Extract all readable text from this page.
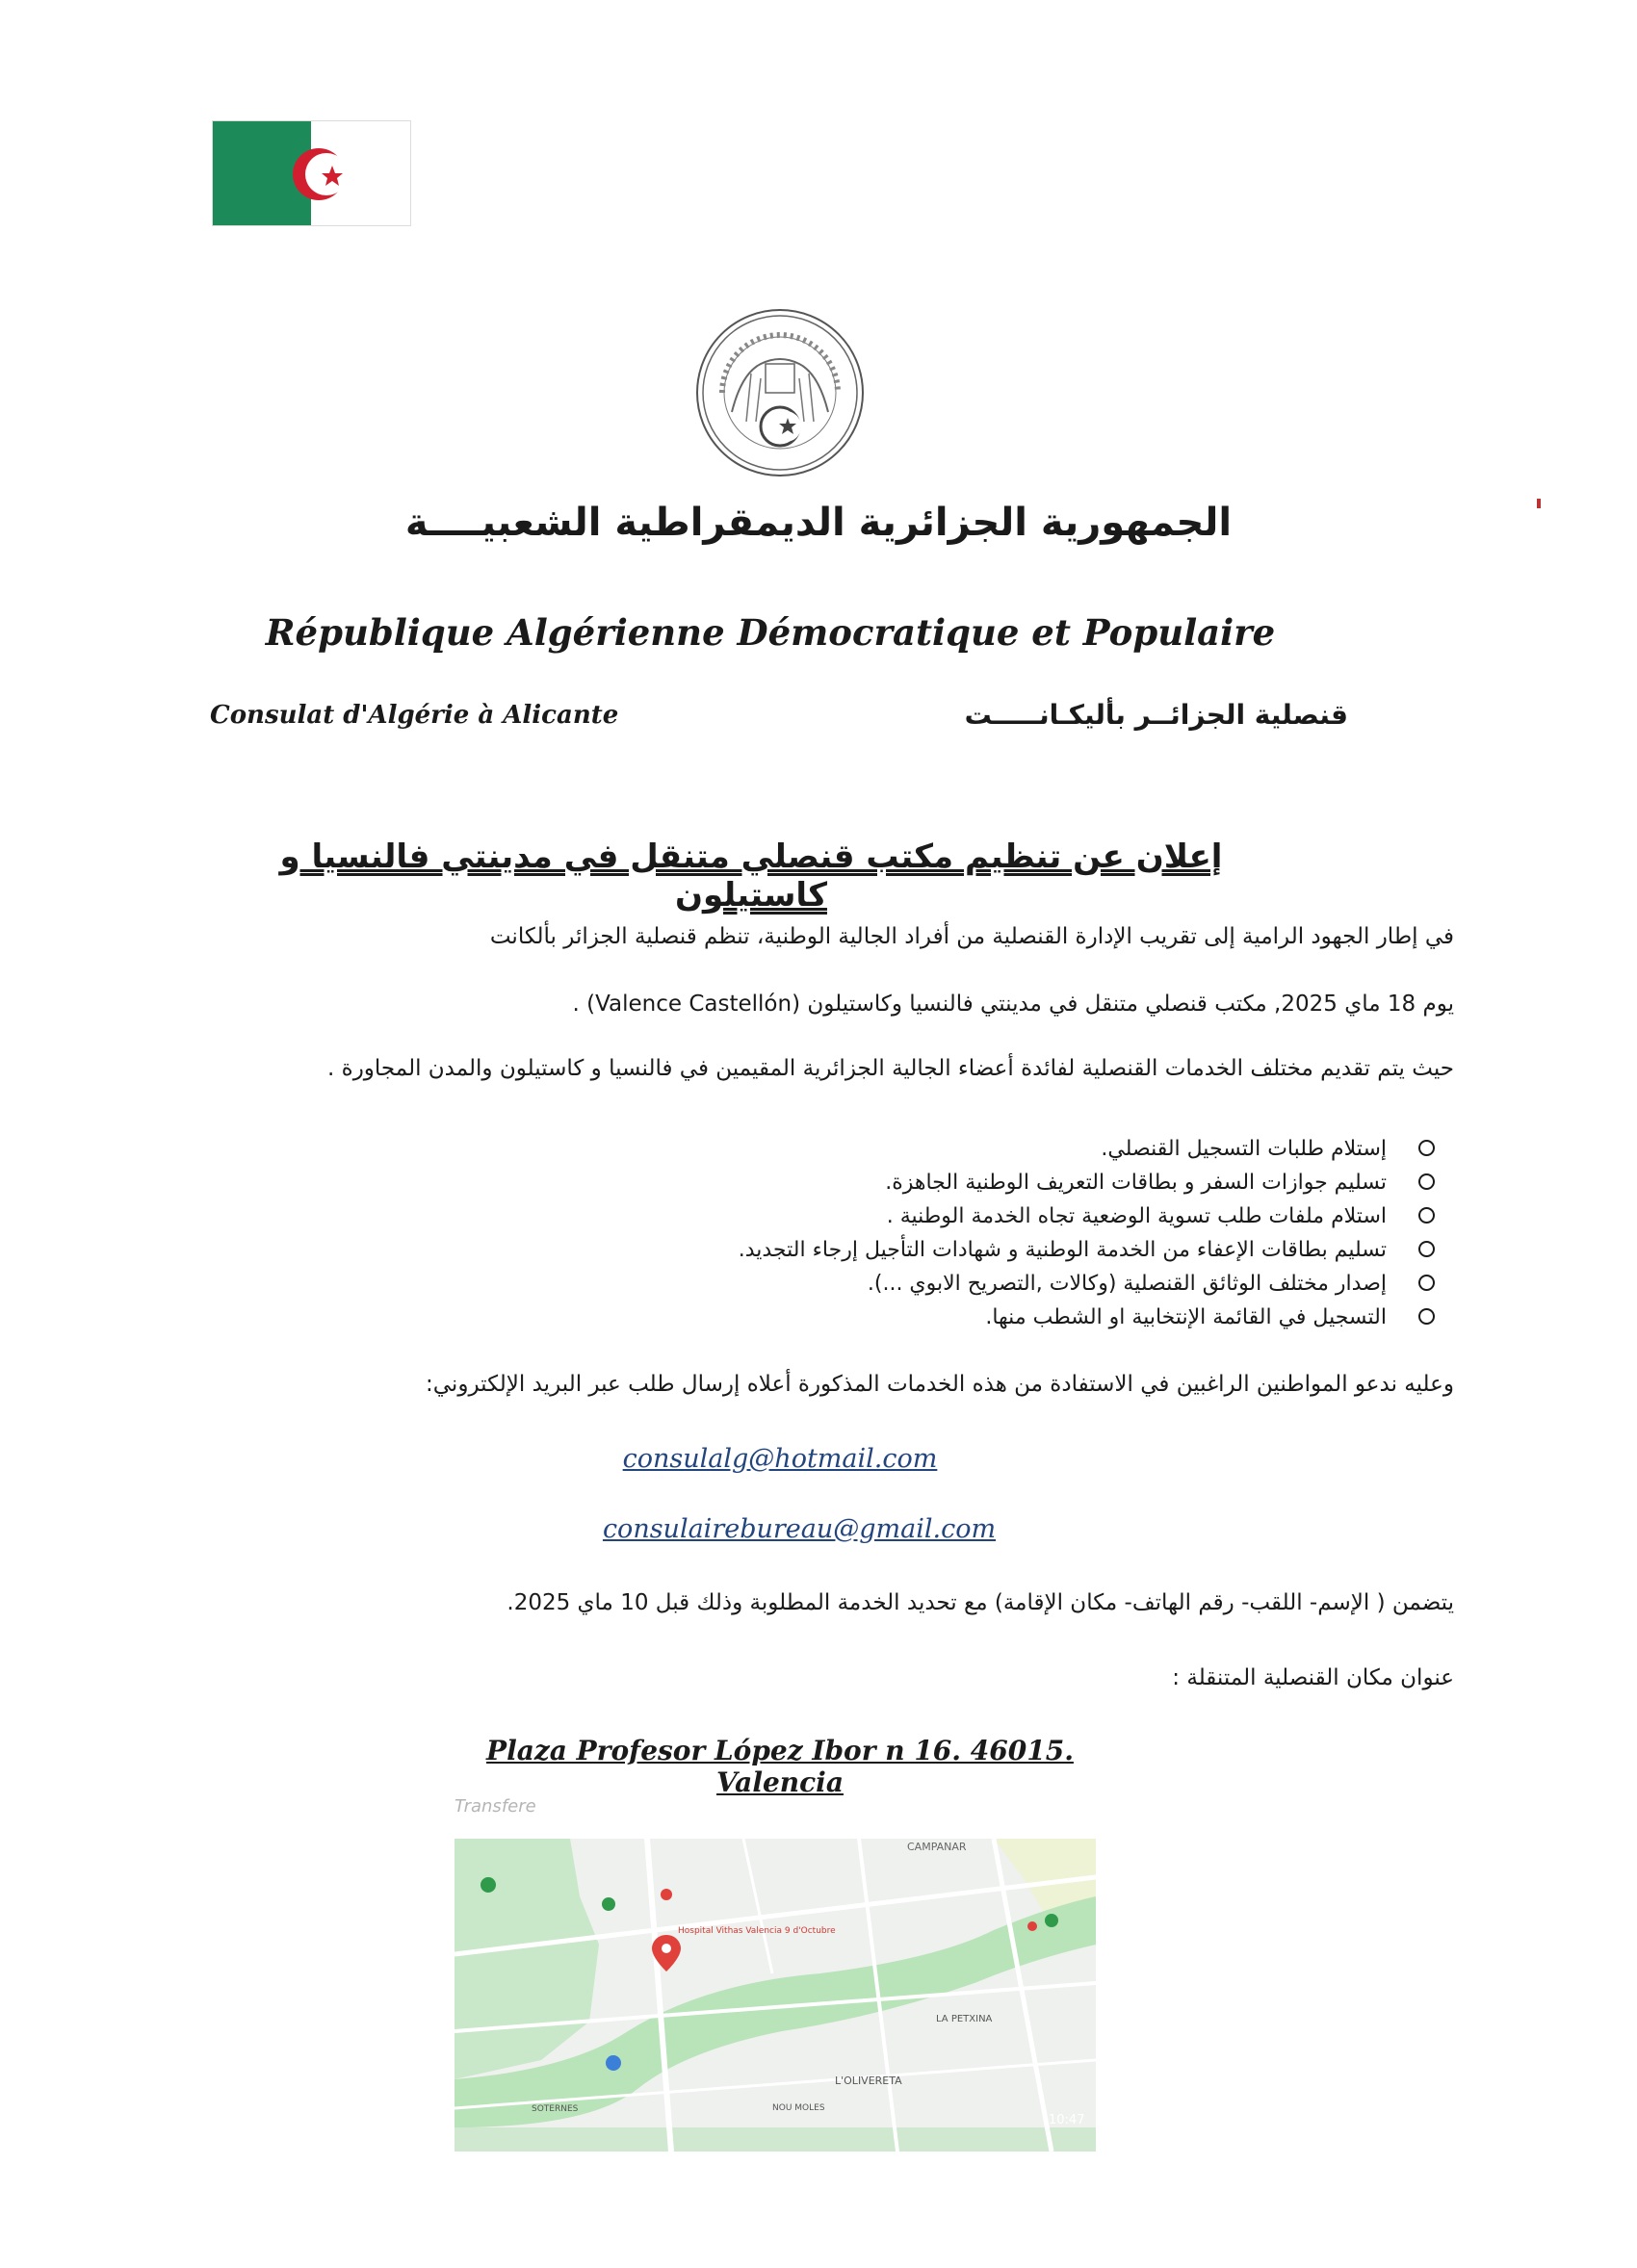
الجمهورية الجزائرية الديمقراطية الشعبيــــة
République Algérienne Démocratique et Populaire
Consulat d'Algérie à Alicante	قنصلية الجزائــر بأليكـانـــــت
إعلان عن تنظيم مكتب قنصلي متنقل في مدينتي فالنسيا و كاستيلون
في إطار الجهود الرامية إلى تقريب الإدارة القنصلية من أفراد الجالية الوطنية، تنظم قنصلية الجزائر بألكانت
يوم 18 ماي 2025, مكتب قنصلي متنقل في مدينتي فالنسيا وكاستيلون (Valence Castellón) .
حيث يتم تقديم مختلف الخدمات القنصلية لفائدة أعضاء الجالية الجزائرية المقيمين في فالنسيا و كاستيلون والمدن المجاورة .
إستلام طلبات التسجيل القنصلي.
تسليم جوازات السفر و بطاقات التعريف الوطنية الجاهزة.
استلام ملفات طلب تسوية الوضعية تجاه الخدمة الوطنية .
تسليم بطاقات الإعفاء من الخدمة الوطنية و شهادات التأجيل إرجاء التجديد.
إصدار مختلف الوثائق القنصلية (وكالات ,التصريح الابوي ...).
التسجيل في القائمة الإنتخابية او الشطب منها.
وعليه ندعو المواطنين الراغبين في الاستفادة من هذه الخدمات المذكورة أعلاه إرسال طلب عبر البريد الإلكتروني:
consulalg@hotmail.com
consulairebureau@gmail.com
يتضمن ( الإسم- اللقب- رقم الهاتف- مكان الإقامة) مع تحديد الخدمة المطلوبة وذلك قبل 10 ماي 2025.
عنوان مكان القنصلية المتنقلة :
Plaza Profesor López Ibor n 16. 46015. Valencia
Transfere
CAMPANAR
Hospital Vithas Valencia 9 d'Octubre
LA PETXINA
L'OLIVERETA
SOTERNES	NOU MOLES
10:47
